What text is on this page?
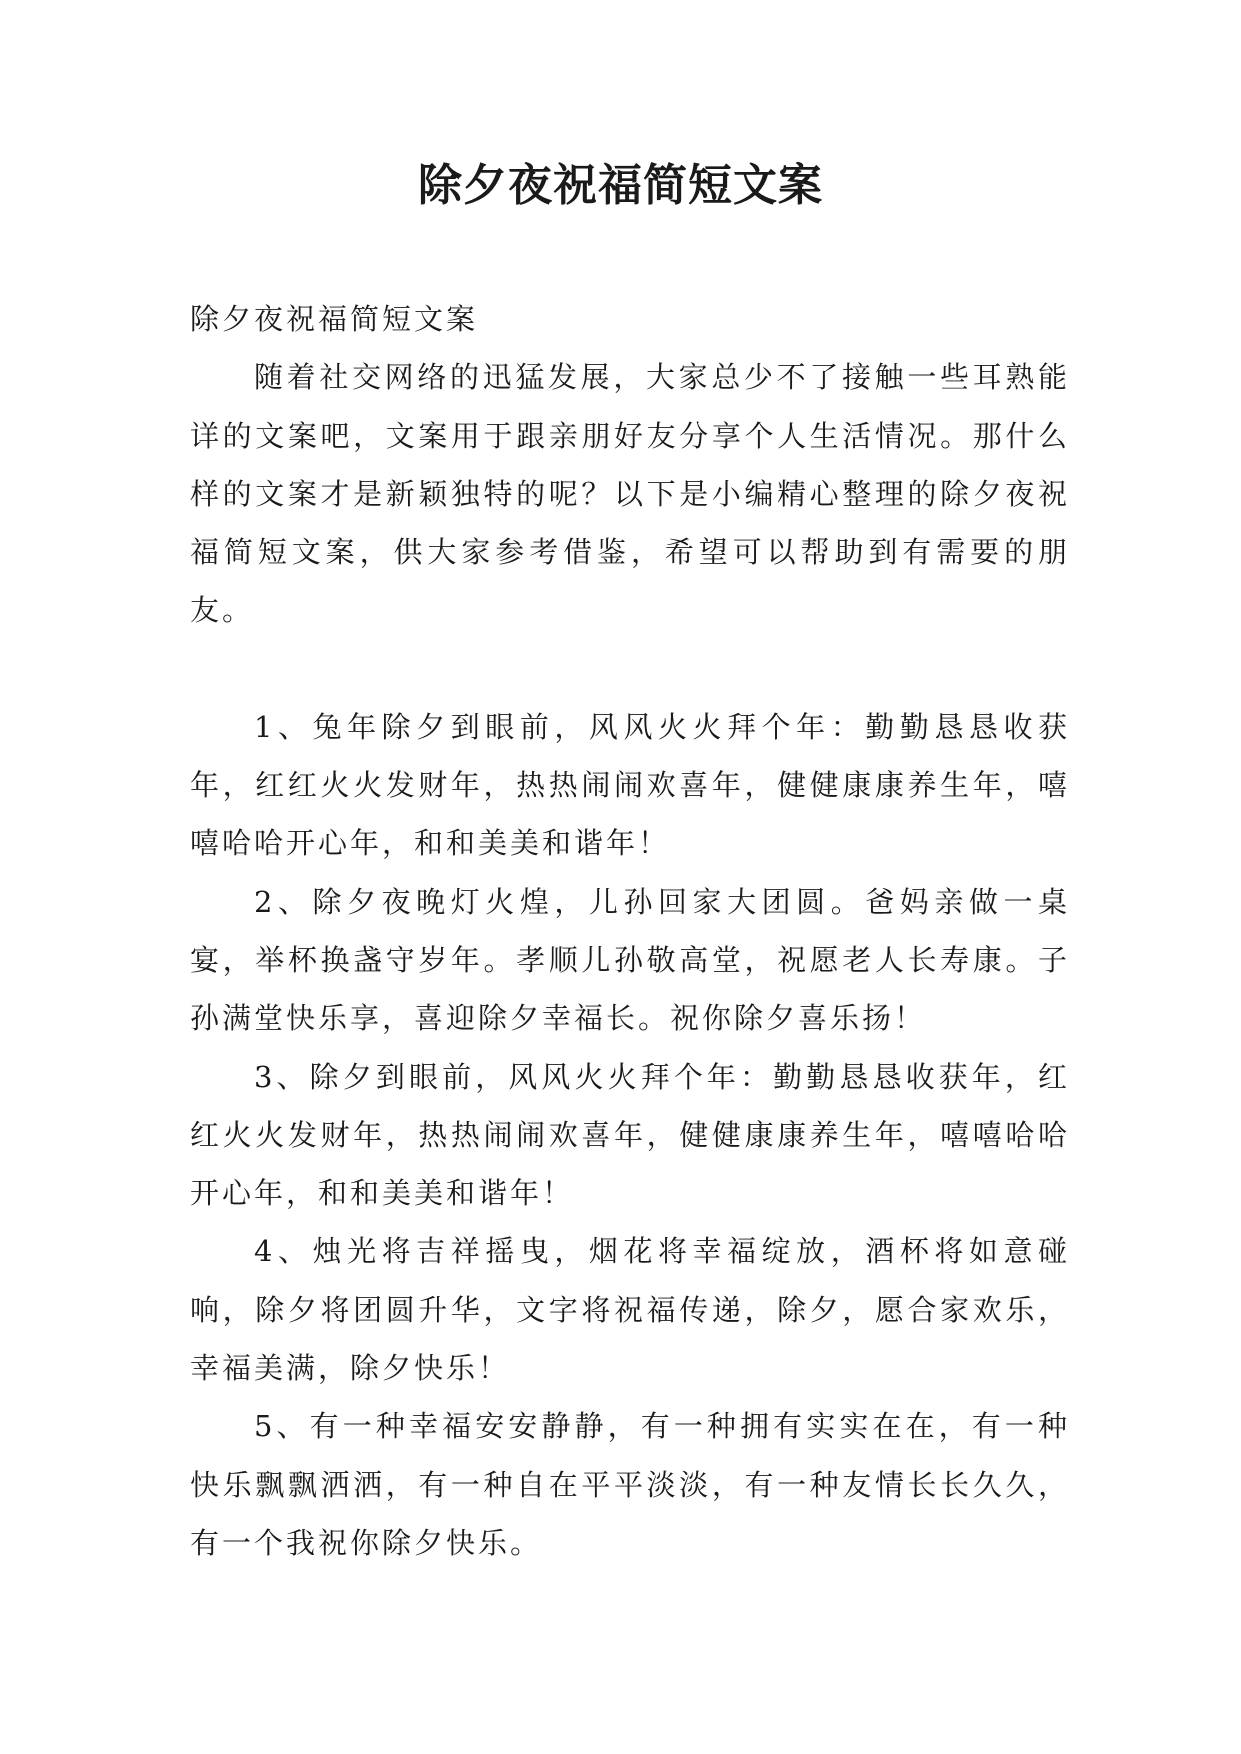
除夕夜祝福简短文案

除夕夜祝福简短文案

随着社交网络的迅猛发展，大家总少不了接触一些耳熟能详的文案吧，文案用于跟亲朋好友分享个人生活情况。那什么样的文案才是新颖独特的呢？以下是小编精心整理的除夕夜祝福简短文案，供大家参考借鉴，希望可以帮助到有需要的朋友。

1、兔年除夕到眼前，风风火火拜个年：勤勤恳恳收获年，红红火火发财年，热热闹闹欢喜年，健健康康养生年，嘻嘻哈哈开心年，和和美美和谐年！

2、除夕夜晚灯火煌，儿孙回家大团圆。爸妈亲做一桌宴，举杯换盏守岁年。孝顺儿孙敬高堂，祝愿老人长寿康。子孙满堂快乐享，喜迎除夕幸福长。祝你除夕喜乐扬！

3、除夕到眼前，风风火火拜个年：勤勤恳恳收获年，红红火火发财年，热热闹闹欢喜年，健健康康养生年，嘻嘻哈哈开心年，和和美美和谐年！

4、烛光将吉祥摇曳，烟花将幸福绽放，酒杯将如意碰响，除夕将团圆升华，文字将祝福传递，除夕，愿合家欢乐，幸福美满，除夕快乐！

5、有一种幸福安安静静，有一种拥有实实在在，有一种快乐飘飘洒洒，有一种自在平平淡淡，有一种友情长长久久，有一个我祝你除夕快乐。
